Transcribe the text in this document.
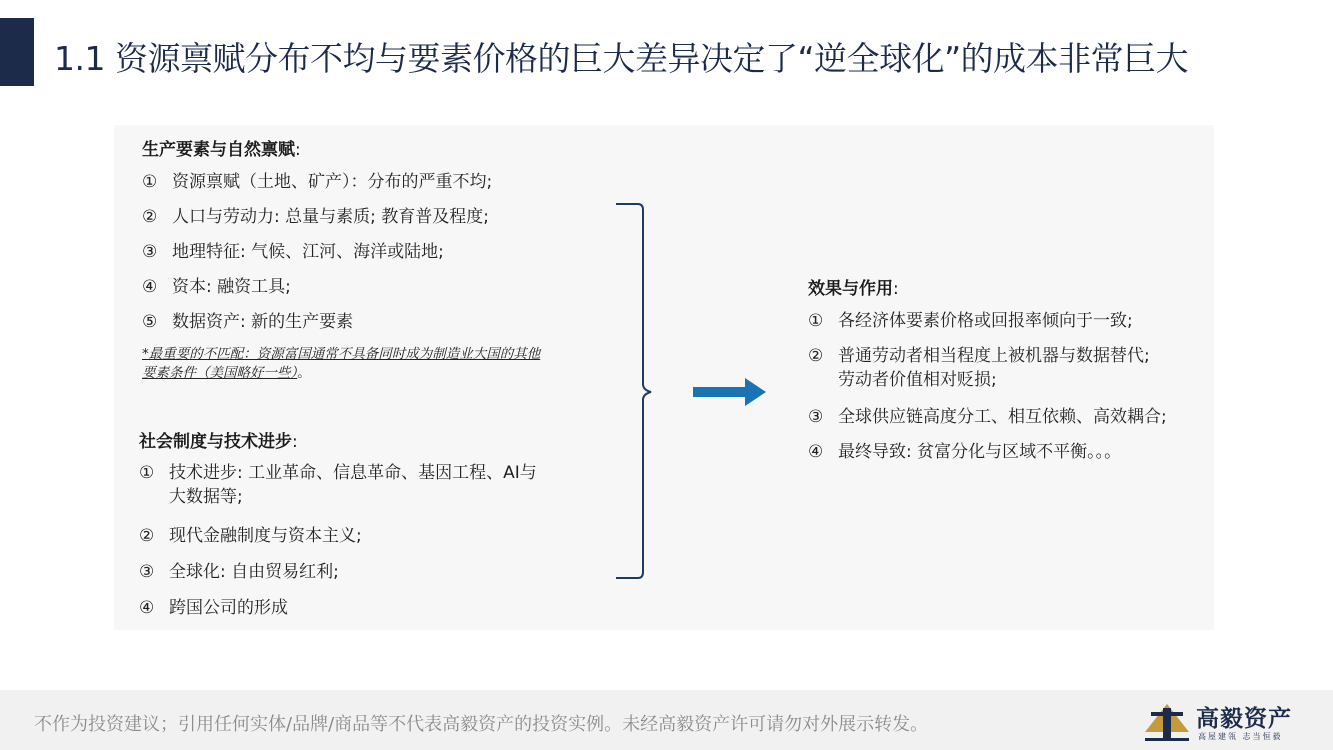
1.1 资源禀赋分布不均与要素价格的巨大差异决定了“逆全球化”的成本非常巨大
生产要素与自然禀赋:
① 资源禀赋（土地、矿产）：分布的严重不均;
② 人口与劳动力: 总量与素质; 教育普及程度;
③ 地理特征: 气候、江河、海洋或陆地;
④ 资本: 融资工具;
⑤ 数据资产: 新的生产要素
*最重要的不匹配：资源富国通常不具备同时成为制造业大国的其他
要素条件（美国略好一些）。
社会制度与技术进步:
① 技术进步: 工业革命、信息革命、基因工程、AI与
大数据等;
② 现代金融制度与资本主义;
③ 全球化: 自由贸易红利;
④ 跨国公司的形成
效果与作用:
① 各经济体要素价格或回报率倾向于一致;
② 普通劳动者相当程度上被机器与数据替代;
劳动者价值相对贬损;
③ 全球供应链高度分工、相互依赖、高效耦合;
④ 最终导致: 贫富分化与区域不平衡。。。
不作为投资建议；引用任何实体/品牌/商品等不代表高毅资产的投资实例。未经高毅资产许可请勿对外展示转发。	高毅资产
高屋建瓴 志当恒毅
